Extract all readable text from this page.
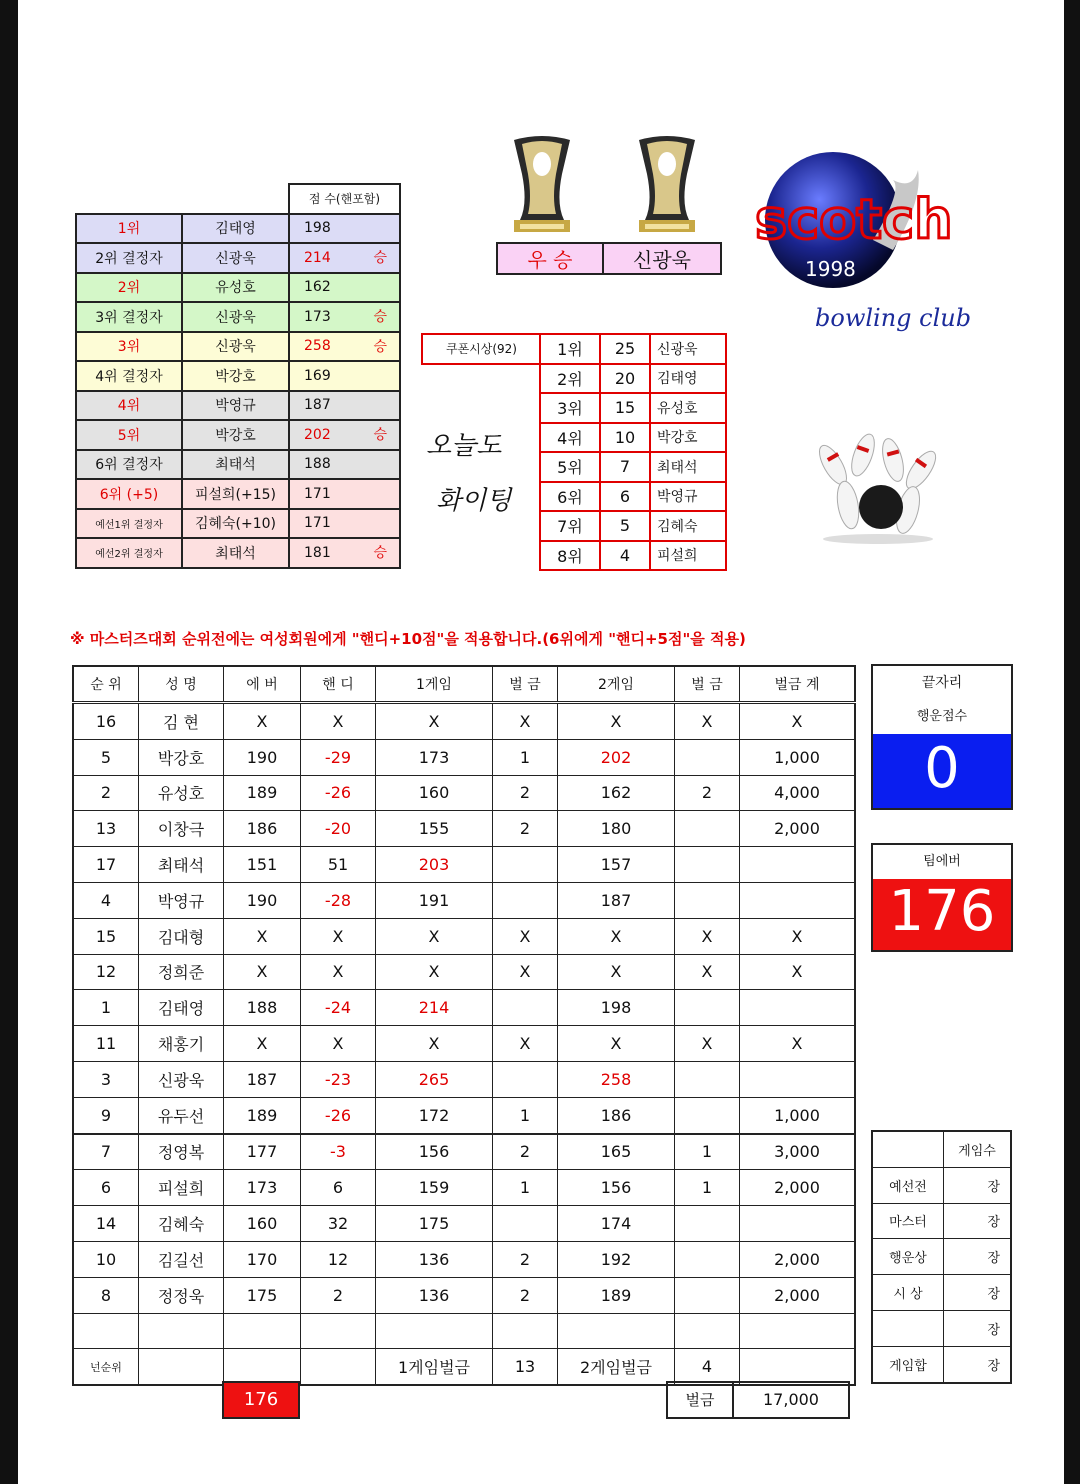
		점 수(핸포함)
1위	김태영	198
2위 결정자	신광욱	214 승

2위	유성호	162
3위 결정자	신광욱	173 승

3위	신광욱	258 승

4위 결정자	박강호	169
4위	박영규	187
5위	박강호	202 승

6위 결정자	최태석	188
6위 (+5)	피설희(+15)	171
예선1위 결정자	김혜숙(+10)	171
예선2위 결정자	최태석	181 승
우 승	신광욱
scotch
1998
bowling club
쿠폰시상(92)	1위	25	신광욱
2위	20	김태영
3위	15	유성호
4위	10	박강호
5위	7	최태석
6위	6	박영규
7위	5	김혜숙
8위	4	피설희
오늘도
화이팅
※ 마스터즈대회 순위전에는 여성회원에게 "핸디+10점"을 적용합니다.(6위에게 "핸디+5점"을 적용)
순 위	성 명	에 버	핸 디	1게임	벌 금	2게임	벌 금	벌금 계
16	김 현	X	X	X	X	X	X	X
5	박강호	190	-29	173	1	202		1,000
2	유성호	189	-26	160	2	162	2	4,000
13	이창극	186	-20	155	2	180		2,000
17	최태석	151	51	203		157		
4	박영규	190	-28	191		187		
15	김대형	X	X	X	X	X	X	X
12	정희준	X	X	X	X	X	X	X
1	김태영	188	-24	214		198		
11	채홍기	X	X	X	X	X	X	X
3	신광욱	187	-23	265		258		
9	유두선	189	-26	172	1	186		1,000
7	정영복	177	-3	156	2	165	1	3,000
6	피설희	173	6	159	1	156	1	2,000
14	김혜숙	160	32	175		174		
10	김길선	170	12	136	2	192		2,000
8	정정욱	175	2	136	2	189		2,000

넌순위				1게임벌금	13	2게임벌금	4	
176	벌금	17,000
끝자리
행운점수
0
팀에버
176
	게임수
예선전	장
마스터	장
행운상	장
시 상	장
	장
게임합	장
